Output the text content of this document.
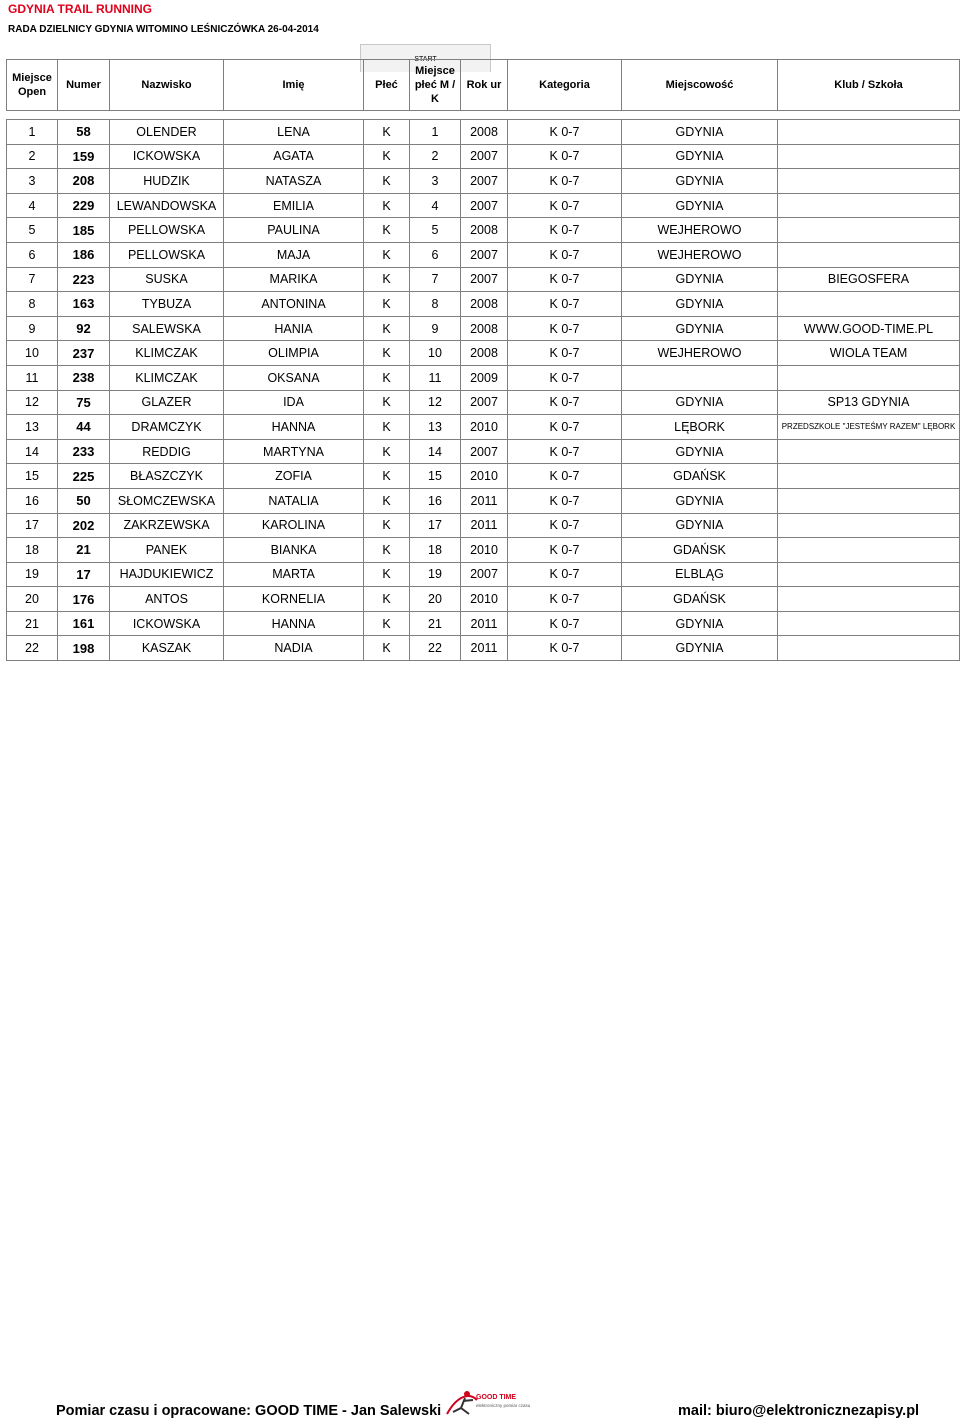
GDYNIA TRAIL RUNNING
RADA DZIELNICY GDYNIA WITOMINO LEŚNICZÓWKA 26-04-2014
START
Miejsce Open	Numer	Nazwisko	Imię	Płeć	Miejsce płeć M / K	Rok ur	Kategoria	Miejscowość	Klub / Szkoła

1	58	OLENDER	LENA	K	1	2008	K 0-7	GDYNIA	
2	159	ICKOWSKA	AGATA	K	2	2007	K 0-7	GDYNIA	
3	208	HUDZIK	NATASZA	K	3	2007	K 0-7	GDYNIA	
4	229	LEWANDOWSKA	EMILIA	K	4	2007	K 0-7	GDYNIA	
5	185	PELLOWSKA	PAULINA	K	5	2008	K 0-7	WEJHEROWO	
6	186	PELLOWSKA	MAJA	K	6	2007	K 0-7	WEJHEROWO	
7	223	SUSKA	MARIKA	K	7	2007	K 0-7	GDYNIA	BIEGOSFERA
8	163	TYBUZA	ANTONINA	K	8	2008	K 0-7	GDYNIA	
9	92	SALEWSKA	HANIA	K	9	2008	K 0-7	GDYNIA	WWW.GOOD-TIME.PL
10	237	KLIMCZAK	OLIMPIA	K	10	2008	K 0-7	WEJHEROWO	WIOLA TEAM
11	238	KLIMCZAK	OKSANA	K	11	2009	K 0-7		
12	75	GLAZER	IDA	K	12	2007	K 0-7	GDYNIA	SP13 GDYNIA
13	44	DRAMCZYK	HANNA	K	13	2010	K 0-7	LĘBORK	PRZEDSZKOLE "JESTEŚMY RAZEM" LĘBORK
14	233	REDDIG	MARTYNA	K	14	2007	K 0-7	GDYNIA	
15	225	BŁASZCZYK	ZOFIA	K	15	2010	K 0-7	GDAŃSK	
16	50	SŁOMCZEWSKA	NATALIA	K	16	2011	K 0-7	GDYNIA	
17	202	ZAKRZEWSKA	KAROLINA	K	17	2011	K 0-7	GDYNIA	
18	21	PANEK	BIANKA	K	18	2010	K 0-7	GDAŃSK	
19	17	HAJDUKIEWICZ	MARTA	K	19	2007	K 0-7	ELBLĄG	
20	176	ANTOS	KORNELIA	K	20	2010	K 0-7	GDAŃSK	
21	161	ICKOWSKA	HANNA	K	21	2011	K 0-7	GDYNIA	
22	198	KASZAK	NADIA	K	22	2011	K 0-7	GDYNIA	
GOOD TIME
elektroniczny pomiar czasu
Pomiar czasu i opracowane: GOOD TIME - Jan Salewski	mail: biuro@elektronicznezapisy.pl
